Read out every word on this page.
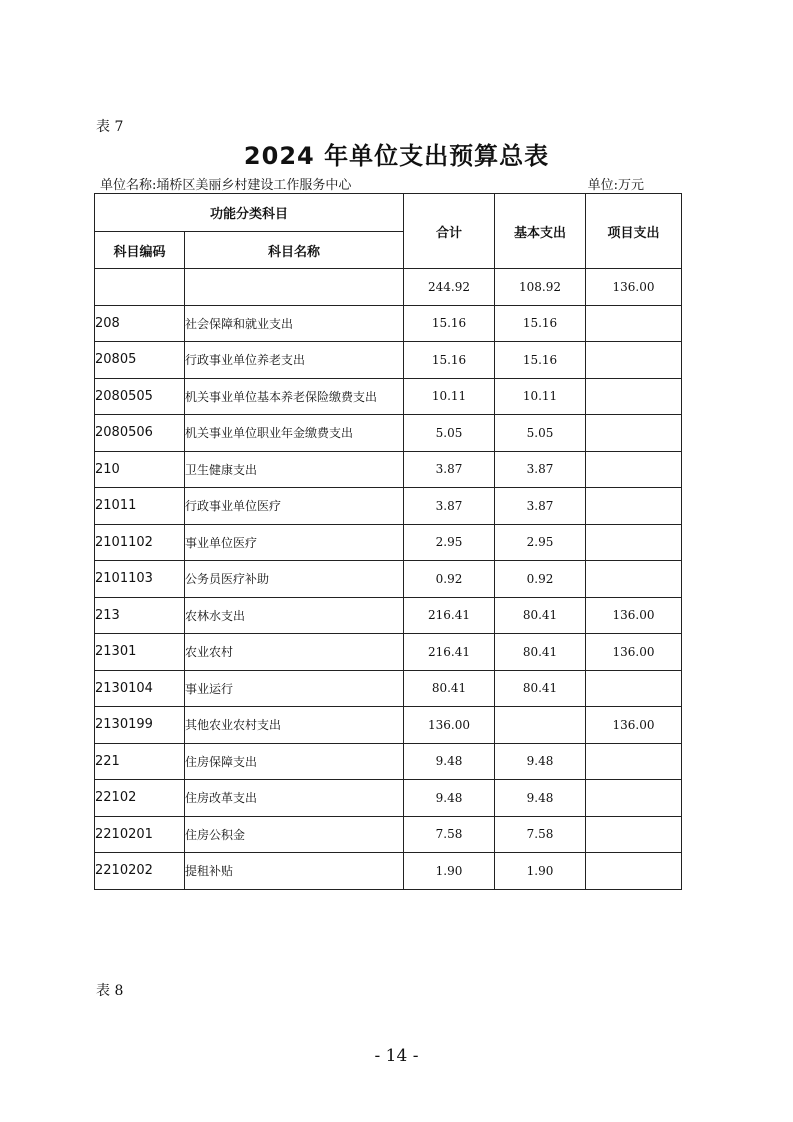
表 7
2024 年单位支出预算总表
单位名称:埇桥区美丽乡村建设工作服务中心	单位:万元
功能分类科目		合计	基本支出	项目支出
科目编码	科目名称			
		244.92	108.92	136.00
208	社会保障和就业支出	15.16	15.16	
20805	行政事业单位养老支出	15.16	15.16	
2080505	机关事业单位基本养老保险缴费支出	10.11	10.11	
2080506	机关事业单位职业年金缴费支出	5.05	5.05	
210	卫生健康支出	3.87	3.87	
21011	行政事业单位医疗	3.87	3.87	
2101102	事业单位医疗	2.95	2.95	
2101103	公务员医疗补助	0.92	0.92	
213	农林水支出	216.41	80.41	136.00
21301	农业农村	216.41	80.41	136.00
2130104	事业运行	80.41	80.41	
2130199	其他农业农村支出	136.00		136.00
221	住房保障支出	9.48	9.48	
22102	住房改革支出	9.48	9.48	
2210201	住房公积金	7.58	7.58	
2210202	提租补贴	1.90	1.90	
表 8
- 14 -
